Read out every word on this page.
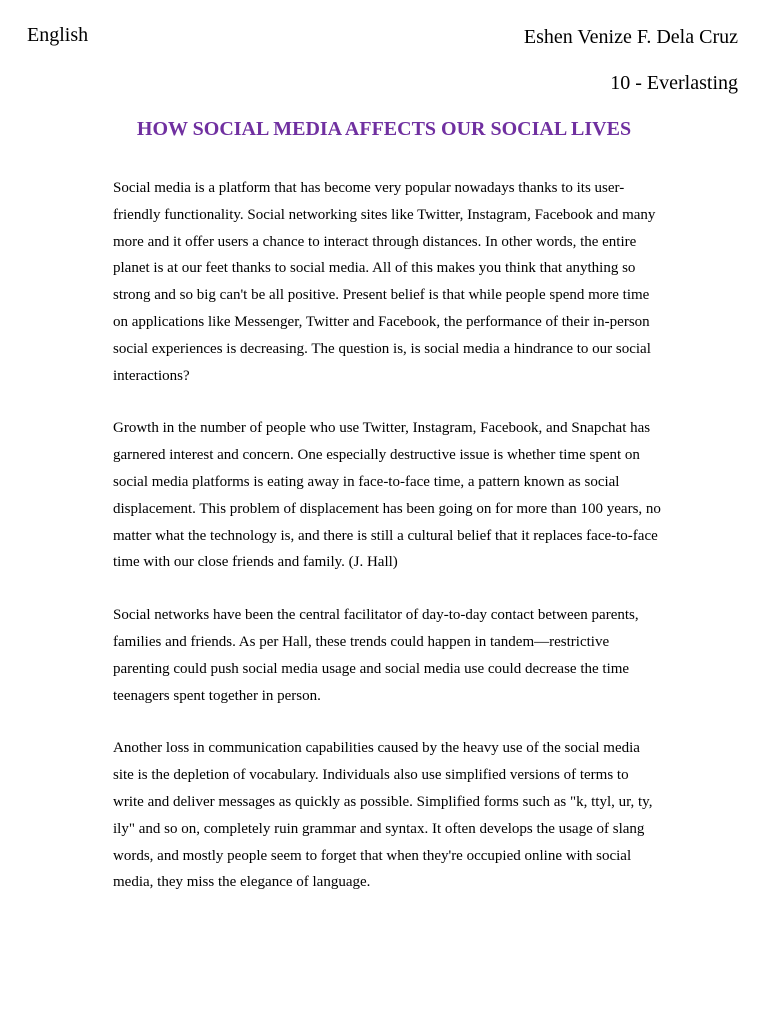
English	Eshen Venize F. Dela Cruz
10 - Everlasting
HOW SOCIAL MEDIA AFFECTS OUR SOCIAL LIVES

Social media is a platform that has become very popular nowadays thanks to its user-friendly functionality. Social networking sites like Twitter, Instagram, Facebook and many more and it offer users a chance to interact through distances. In other words, the entire planet is at our feet thanks to social media. All of this makes you think that anything so strong and so big can't be all positive. Present belief is that while people spend more time on applications like Messenger, Twitter and Facebook, the performance of their in-person social experiences is decreasing. The question is, is social media a hindrance to our social interactions?

Growth in the number of people who use Twitter, Instagram, Facebook, and Snapchat has garnered interest and concern. One especially destructive issue is whether time spent on social media platforms is eating away in face-to-face time, a pattern known as social displacement. This problem of displacement has been going on for more than 100 years, no matter what the technology is, and there is still a cultural belief that it replaces face-to-face time with our close friends and family. (J. Hall)

Social networks have been the central facilitator of day-to-day contact between parents, families and friends. As per Hall, these trends could happen in tandem—restrictive parenting could push social media usage and social media use could decrease the time teenagers spent together in person.

Another loss in communication capabilities caused by the heavy use of the social media site is the depletion of vocabulary. Individuals also use simplified versions of terms to write and deliver messages as quickly as possible. Simplified forms such as "k, ttyl, ur, ty, ily" and so on, completely ruin grammar and syntax. It often develops the usage of slang words, and mostly people seem to forget that when they're occupied online with social media, they miss the elegance of language.
